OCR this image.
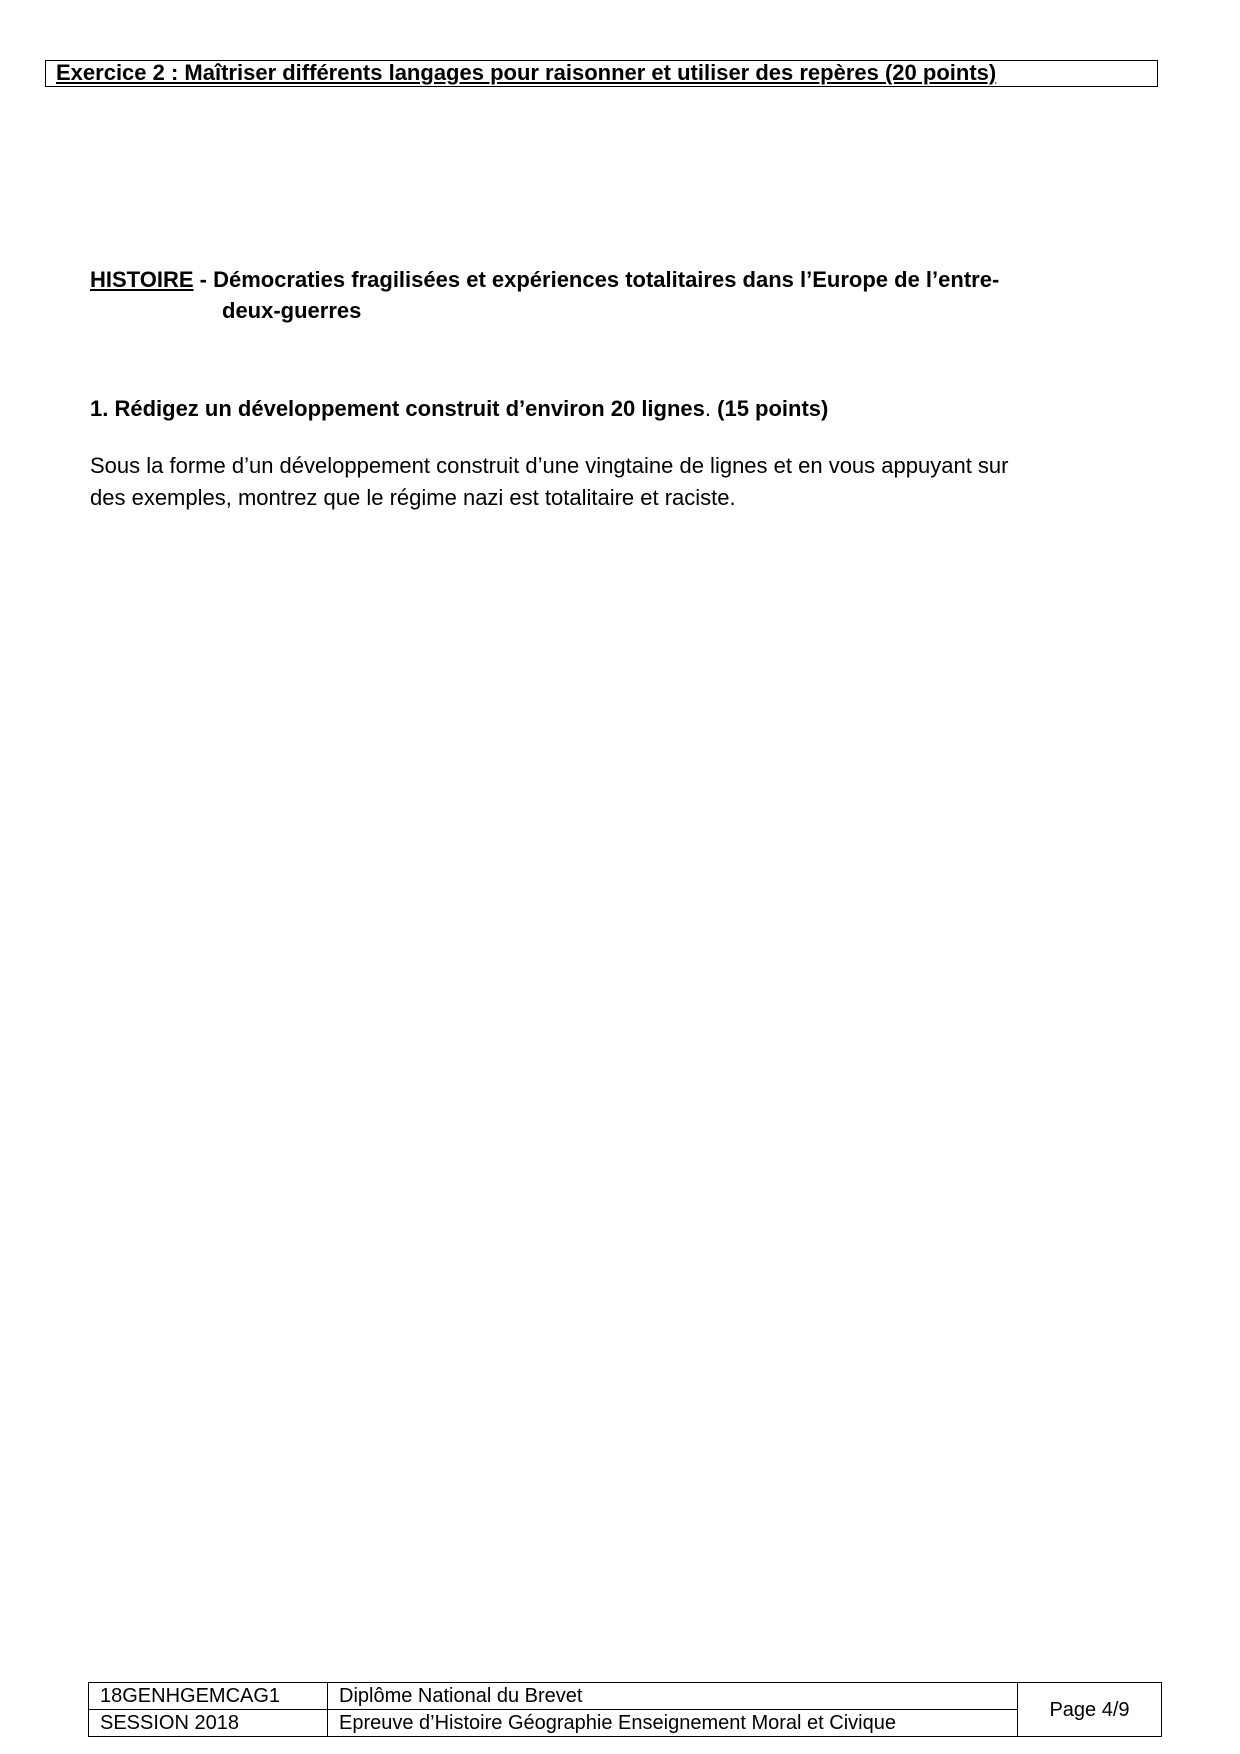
Exercice 2 : Maîtriser différents langages pour raisonner et utiliser des repères (20 points)
HISTOIRE - Démocraties fragilisées et expériences totalitaires dans l’Europe de l’entre-
deux-guerres
1. Rédigez un développement construit d’environ 20 lignes. (15 points)
Sous la forme d’un développement construit d’une vingtaine de lignes et en vous appuyant sur
des exemples, montrez que le régime nazi est totalitaire et raciste.
18GENHGEMCAG1	Diplôme National du Brevet	Page 4/9
SESSION 2018	Epreuve d’Histoire Géographie Enseignement Moral et Civique	
